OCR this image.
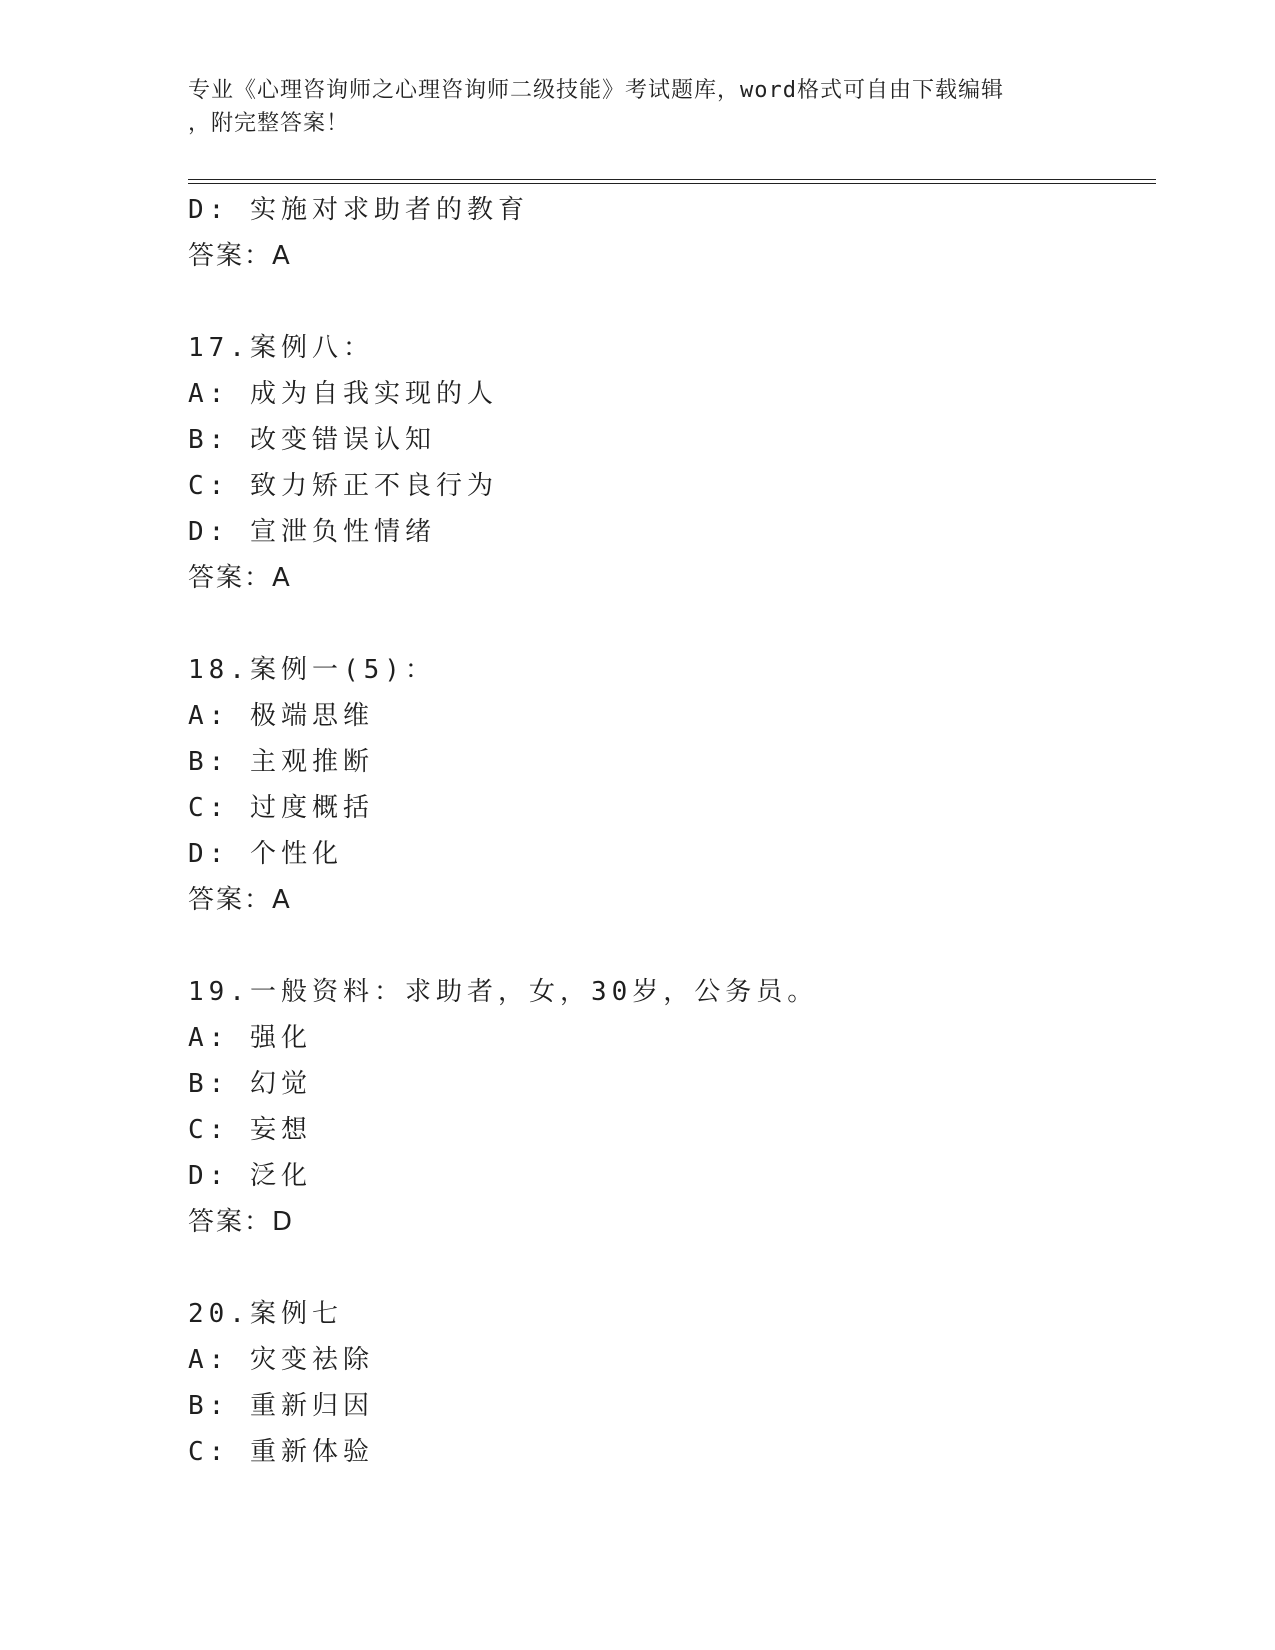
专业《心理咨询师之心理咨询师二级技能》考试题库，word格式可自由下载编辑
，附完整答案！
D: 实施对求助者的教育
答案：A
17.案例八：
A: 成为自我实现的人
B: 改变错误认知
C: 致力矫正不良行为
D: 宣泄负性情绪
答案：A
18.案例一(5)：
A: 极端思维
B: 主观推断
C: 过度概括
D: 个性化
答案：A
19.一般资料：求助者，女，30岁，公务员。
A: 强化
B: 幻觉
C: 妄想
D: 泛化
答案：D
20.案例七
A: 灾变祛除
B: 重新归因
C: 重新体验
